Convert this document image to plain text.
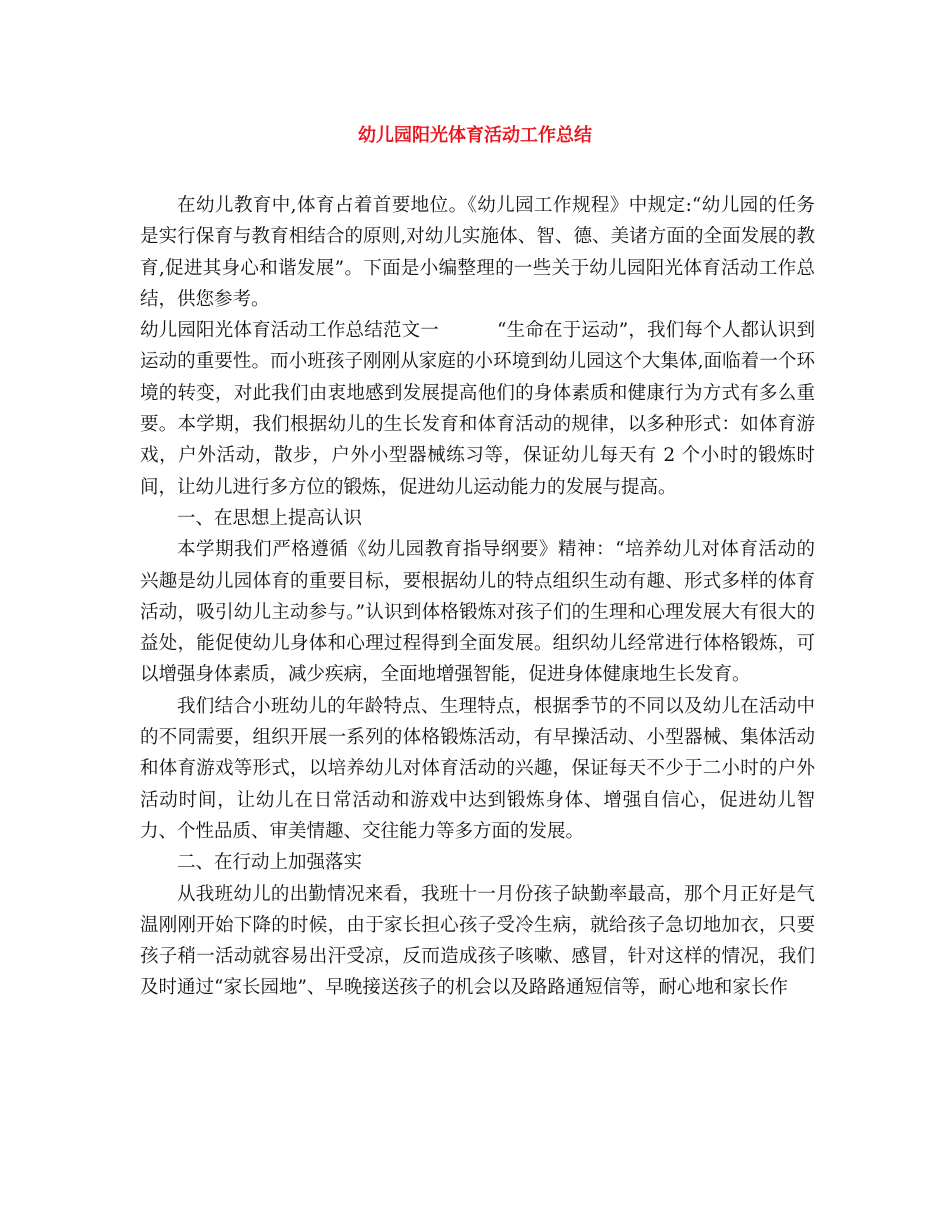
幼儿园阳光体育活动工作总结

在幼儿教育中,体育占着首要地位。《幼儿园工作规程》中规定:“幼儿园的任务是实行保育与教育相结合的原则,对幼儿实施体、智、德、美诸方面的全面发展的教育,促进其身心和谐发展”。下面是小编整理的一些关于幼儿园阳光体育活动工作总结，供您参考。

幼儿园阳光体育活动工作总结范文一	“生命在于运动”，我们每个人都认识到运动的重要性。而小班孩子刚刚从家庭的小环境到幼儿园这个大集体,面临着一个环境的转变，对此我们由衷地感到发展提高他们的身体素质和健康行为方式有多么重要。本学期，我们根据幼儿的生长发育和体育活动的规律，以多种形式：如体育游戏，户外活动，散步，户外小型器械练习等，保证幼儿每天有 2 个小时的锻炼时间，让幼儿进行多方位的锻炼，促进幼儿运动能力的发展与提高。

一、在思想上提高认识

本学期我们严格遵循《幼儿园教育指导纲要》精神：“培养幼儿对体育活动的兴趣是幼儿园体育的重要目标，要根据幼儿的特点组织生动有趣、形式多样的体育活动，吸引幼儿主动参与。”认识到体格锻炼对孩子们的生理和心理发展大有很大的益处，能促使幼儿身体和心理过程得到全面发展。组织幼儿经常进行体格锻炼，可以增强身体素质，减少疾病，全面地增强智能，促进身体健康地生长发育。

我们结合小班幼儿的年龄特点、生理特点，根据季节的不同以及幼儿在活动中的不同需要，组织开展一系列的体格锻炼活动，有早操活动、小型器械、集体活动和体育游戏等形式，以培养幼儿对体育活动的兴趣，保证每天不少于二小时的户外活动时间，让幼儿在日常活动和游戏中达到锻炼身体、增强自信心，促进幼儿智力、个性品质、审美情趣、交往能力等多方面的发展。

二、在行动上加强落实

从我班幼儿的出勤情况来看，我班十一月份孩子缺勤率最高，那个月正好是气温刚刚开始下降的时候，由于家长担心孩子受冷生病，就给孩子急切地加衣，只要孩子稍一活动就容易出汗受凉，反而造成孩子咳嗽、感冒，针对这样的情况，我们及时通过“家长园地”、早晚接送孩子的机会以及路路通短信等，耐心地和家长作
